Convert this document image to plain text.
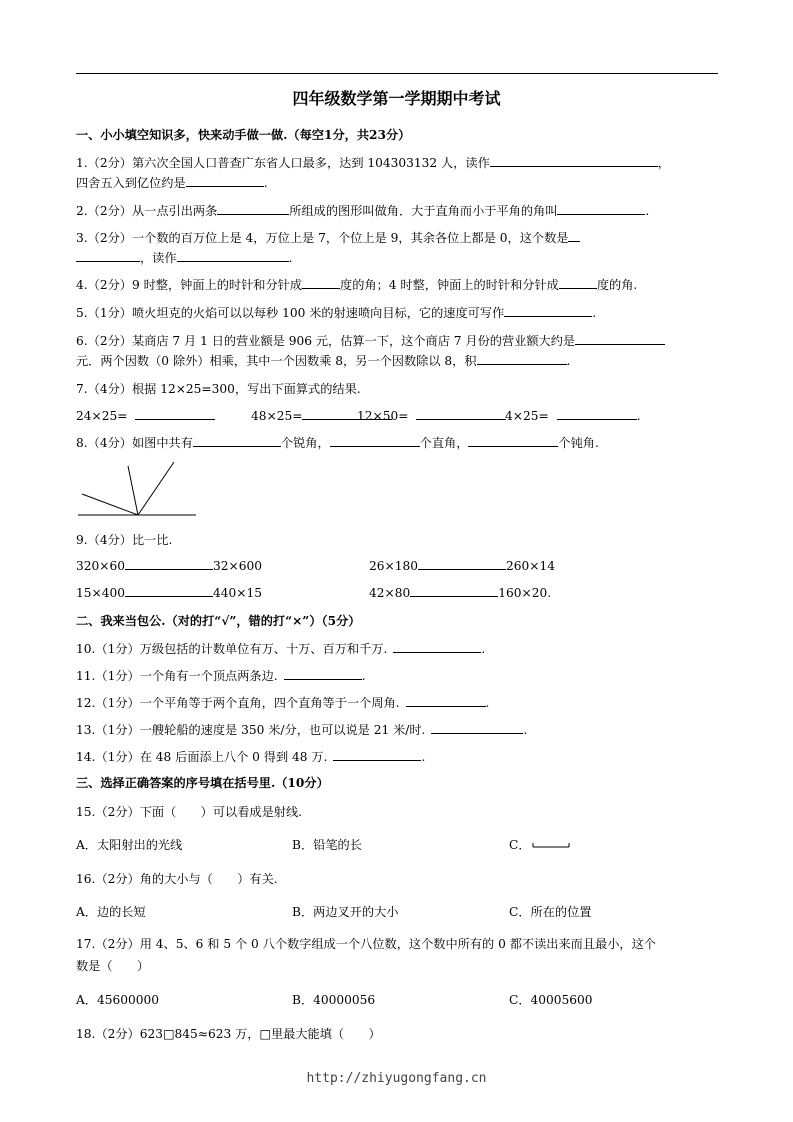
四年级数学第一学期期中考试
一、小小填空知识多，快来动手做一做.（每空1分，共23分）
1.（2分）第六次全国人口普查广东省人口最多，达到 104303132 人，读作	，
四舍五入到亿位约是	.
2.（2分）从一点引出两条	所组成的图形叫做角．大于直角而小于平角的角叫	.
3.（2分）一个数的百万位上是 4，万位上是 7，个位上是 9，其余各位上都是 0，这个数是
，读作	.
4.（2分）9 时整，钟面上的时针和分针成	度的角；4 时整，钟面上的时针和分针成	度的角.
5.（1分）喷火坦克的火焰可以以每秒 100 米的射速喷向目标，它的速度可写作	.
6.（2分）某商店 7 月 1 日的营业额是 906 元，估算一下，这个商店 7 月份的营业额大约是
元．两个因数（0 除外）相乘，其中一个因数乘 8，另一个因数除以 8，积	.
7.（4分）根据 12×25=300，写出下面算式的结果.
24×25=	48×25=	12×50=	4×25=	.
8.（4分）如图中共有	个锐角，	个直角，	个钝角.
9.（4分）比一比.
320×60	32×600	26×180	260×14
15×400	440×15	42×80	160×20.
二、我来当包公.（对的打“√”，错的打“×”）（5分）
10.（1分）万级包括的计数单位有万、十万、百万和千万.	.
11.（1分）一个角有一个顶点两条边.	.
12.（1分）一个平角等于两个直角，四个直角等于一个周角.	.
13.（1分）一艘轮船的速度是 350 米/分，也可以说是 21 米/时.	.
14.（1分）在 48 后面添上八个 0 得到 48 万.	.
三、选择正确答案的序号填在括号里.（10分）
15.（2分）下面（　　）可以看成是射线.
A．太阳射出的光线	B．铅笔的长	C．
16.（2分）角的大小与（　　）有关.
A．边的长短	B．两边叉开的大小	C．所在的位置
17.（2分）用 4、5、6 和 5 个 0 八个数字组成一个八位数，这个数中所有的 0 都不读出来而且最小，这个
数是（　　）
A．45600000	B．40000056	C．40005600
18.（2分）623□845≈623 万，□里最大能填（　　）
http://zhiyugongfang.cn
